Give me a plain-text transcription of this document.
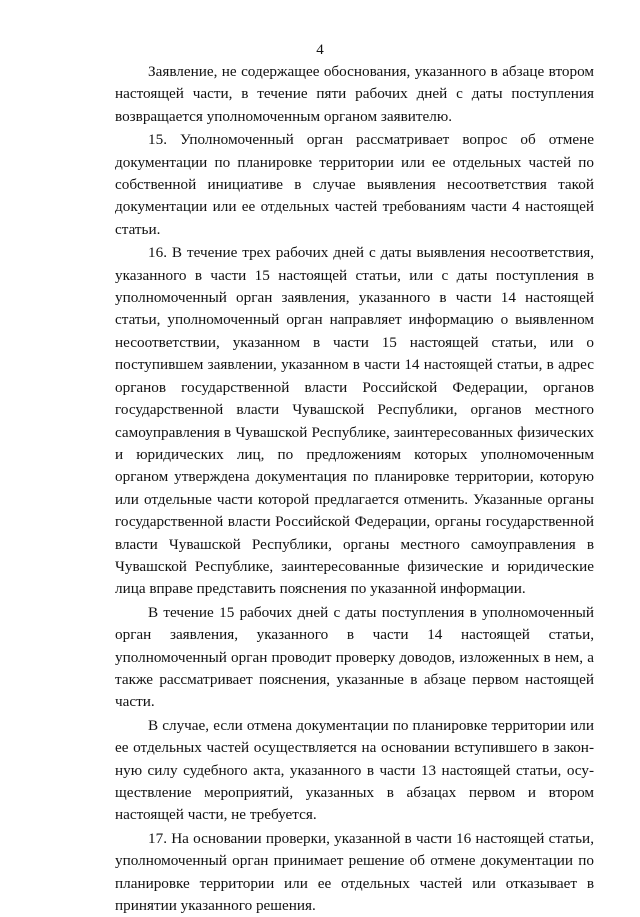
4

Заявление, не содержащее обоснования, указанного в абзаце втором настоящей части, в течение пяти рабочих дней с даты поступления возвращается уполномоченным органом заявителю.

15. Уполномоченный орган рассматривает вопрос об отмене документации по планировке территории или ее отдельных частей по собственной инициативе в случае выявления несоответствия такой документации или ее отдельных частей требованиям части 4 настоящей статьи.

16. В течение трех рабочих дней с даты выявления несоответствия, указанного в части 15 настоящей статьи, или с даты поступления в уполномоченный орган заявления, указанного в части 14 настоящей статьи, уполномоченный орган направляет информацию о выявленном несоответствии, указанном в части 15 настоящей статьи, или о поступившем заявлении, указанном в части 14 настоящей статьи, в адрес органов государственной власти Российской Федерации, органов государственной власти Чувашской Республики, органов местного самоуправления в Чувашской Республике, заинтересованных физических и юридических лиц, по предложениям которых уполномоченным органом утверждена документация по планировке территории, которую или отдельные части которой предлагается отменить. Указанные органы государственной власти Российской Федерации, органы государственной власти Чувашской Республики, органы местного самоуправления в Чувашской Республике, заинтересованные физические и юридические лица вправе представить пояснения по указанной информации.

В течение 15 рабочих дней с даты поступления в уполномоченный орган заявления, указанного в части 14 настоящей статьи, уполномоченный орган проводит проверку доводов, изложенных в нем, а также рассматривает пояснения, указанные в абзаце первом настоящей части.

В случае, если отмена документации по планировке территории или ее отдельных частей осуществляется на основании вступившего в законную силу судебного акта, указанного в части 13 настоящей статьи, осуществление мероприятий, указанных в абзацах первом и втором настоящей части, не требуется.

17. На основании проверки, указанной в части 16 настоящей статьи, уполномоченный орган принимает решение об отмене документации по планировке территории или ее отдельных частей или отказывает в принятии указанного решения.
